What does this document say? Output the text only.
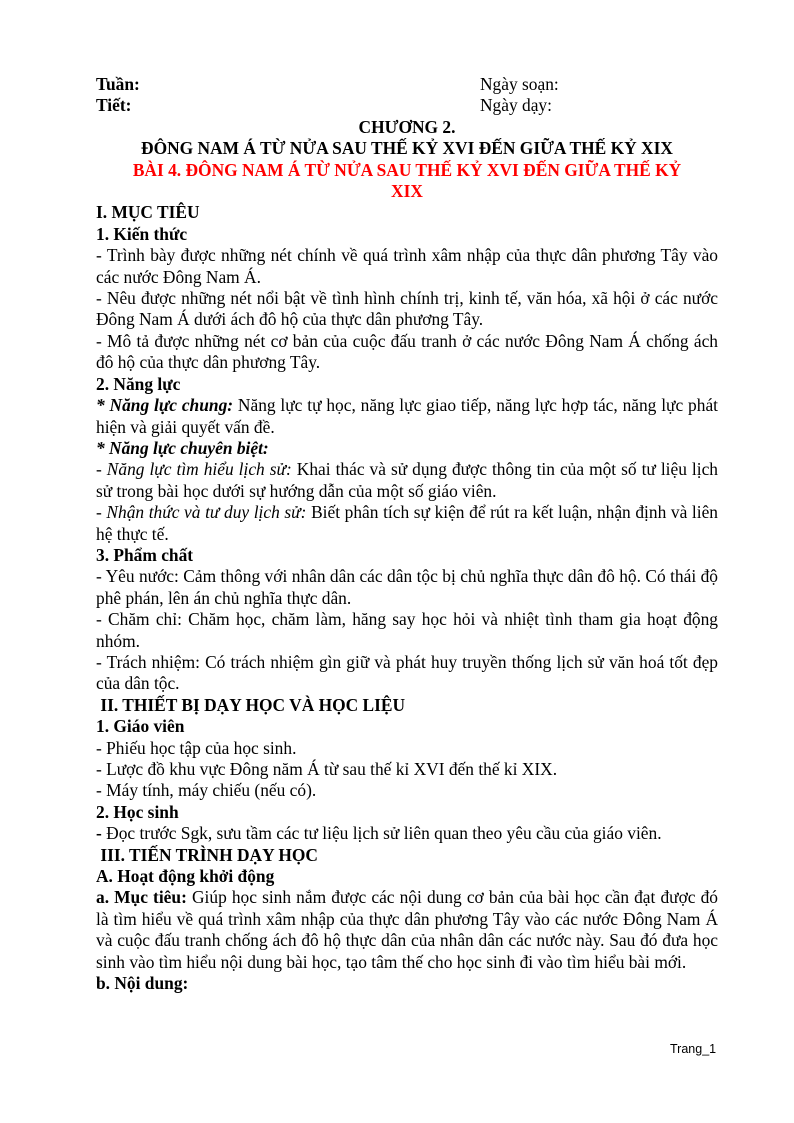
Tuần:	Ngày soạn:
Tiết:	Ngày dạy:
CHƯƠNG 2.
ĐÔNG NAM Á TỪ NỬA SAU THẾ KỶ XVI ĐẾN GIỮA THẾ KỶ XIX
BÀI 4. ĐÔNG NAM Á TỪ NỬA SAU THẾ KỶ XVI ĐẾN GIỮA THẾ KỶ
XIX
I. MỤC TIÊU
1. Kiến thức
- Trình bày được những nét chính về quá trình xâm nhập của thực dân phương Tây vào các nước Đông Nam Á.
- Nêu được những nét nổi bật về tình hình chính trị, kinh tế, văn hóa, xã hội ở các nước Đông Nam Á dưới ách đô hộ của thực dân phương Tây.
- Mô tả được những nét cơ bản của cuộc đấu tranh ở các nước Đông Nam Á chống ách đô hộ của thực dân phương Tây.
2. Năng lực
* Năng lực chung: Năng lực tự học, năng lực giao tiếp, năng lực hợp tác, năng lực phát hiện và giải quyết vấn đề.
* Năng lực chuyên biệt:
- Năng lực tìm hiểu lịch sử: Khai thác và sử dụng được thông tin của một số tư liệu lịch sử trong bài học dưới sự hướng dẫn của một số giáo viên.
- Nhận thức và tư duy lịch sử: Biết phân tích sự kiện để rút ra kết luận, nhận định và liên hệ thực tế.
3. Phẩm chất
- Yêu nước: Cảm thông với nhân dân các dân tộc bị chủ nghĩa thực dân đô hộ. Có thái độ phê phán, lên án chủ nghĩa thực dân.
- Chăm chỉ: Chăm học, chăm làm, hăng say học hỏi và nhiệt tình tham gia hoạt động nhóm.
- Trách nhiệm: Có trách nhiệm gìn giữ và phát huy truyền thống lịch sử văn hoá tốt đẹp của dân tộc.
II. THIẾT BỊ DẠY HỌC VÀ HỌC LIỆU
1. Giáo viên
- Phiếu học tập của học sinh.
- Lược đồ khu vực Đông năm Á từ sau thế kỉ XVI đến thế kỉ XIX.
- Máy tính, máy chiếu (nếu có).
2. Học sinh
- Đọc trước Sgk, sưu tầm các tư liệu lịch sử liên quan theo yêu cầu của giáo viên.
III. TIẾN TRÌNH DẠY HỌC
A. Hoạt động khởi động
a. Mục tiêu: Giúp học sinh nắm được các nội dung cơ bản của bài học cần đạt được đó là tìm hiểu về quá trình xâm nhập của thực dân phương Tây vào các nước Đông Nam Á và cuộc đấu tranh chống ách đô hộ thực dân của nhân dân các nước này. Sau đó đưa học sinh vào tìm hiểu nội dung bài học, tạo tâm thế cho học sinh đi vào tìm hiểu bài mới.
b. Nội dung:
Trang_1
